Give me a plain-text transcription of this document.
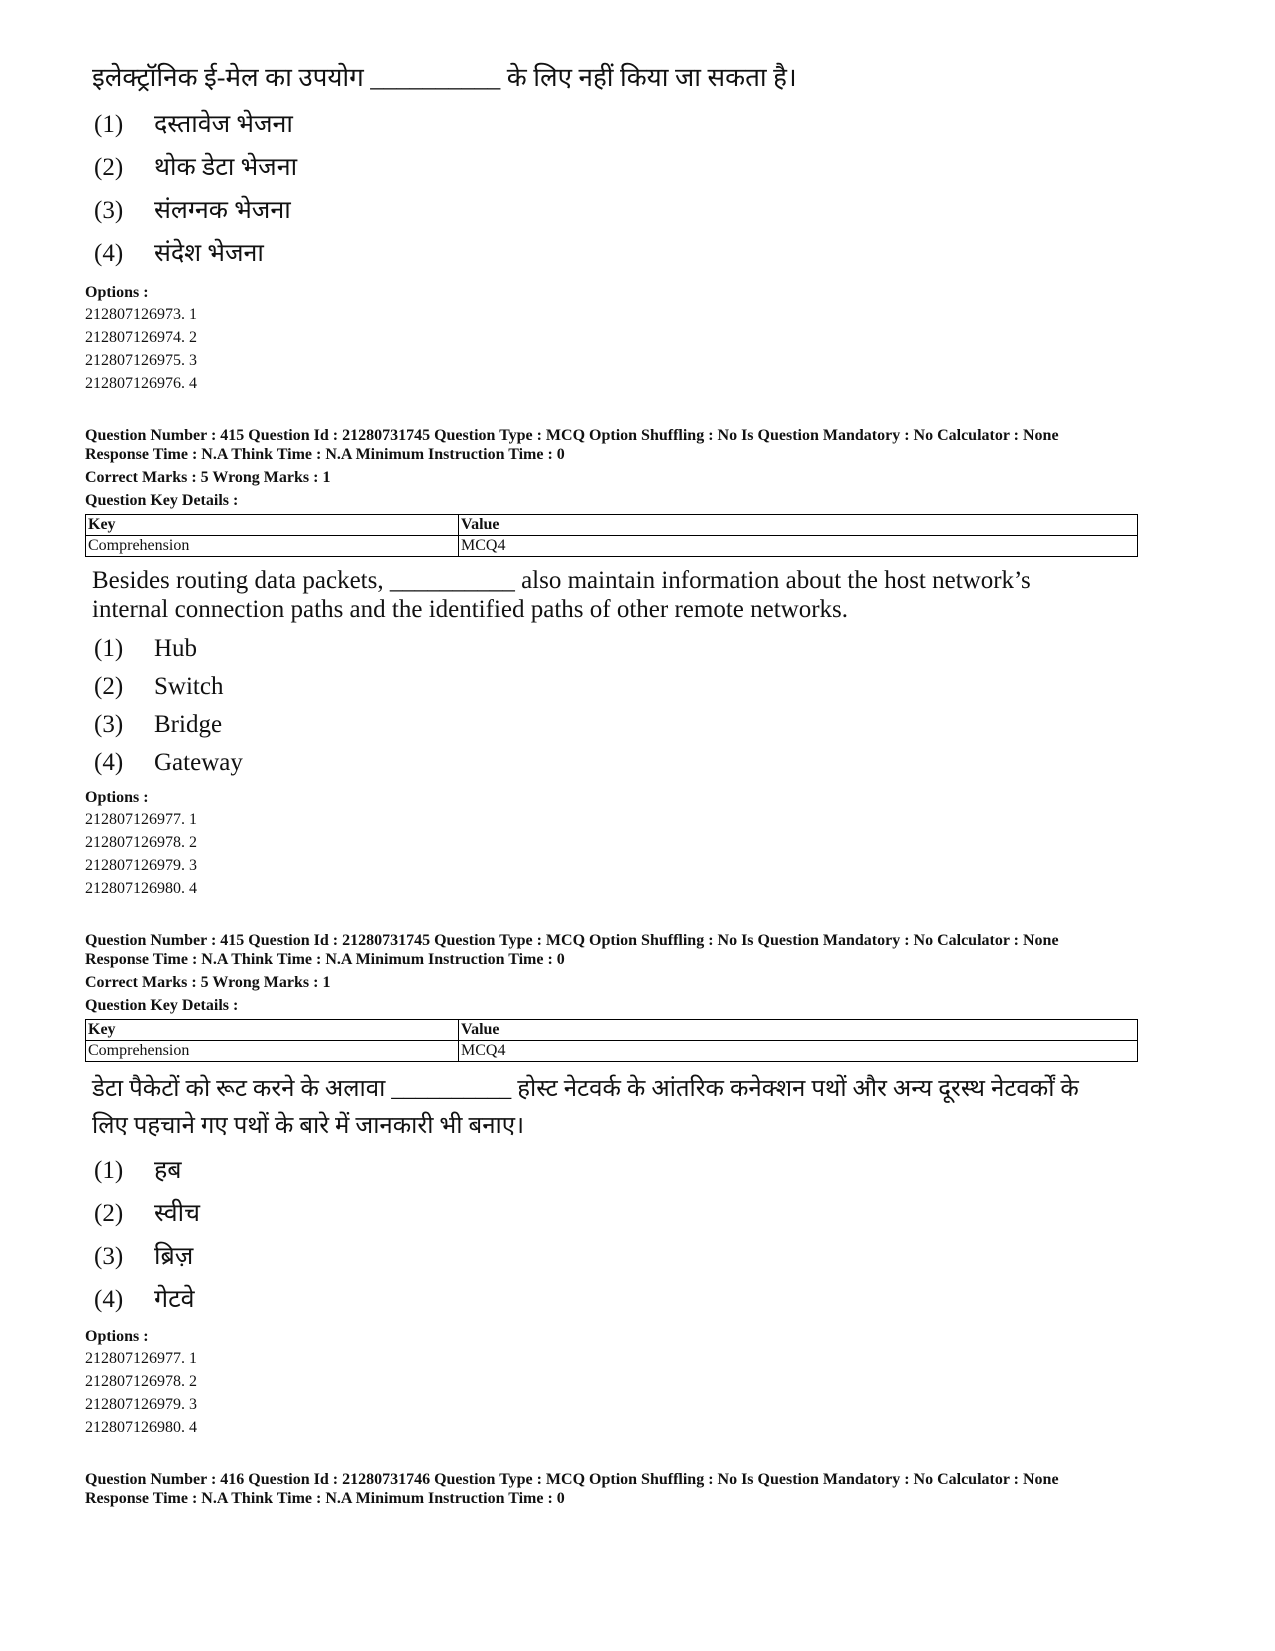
इलेक्ट्रॉनिक ई-मेल का उपयोग __________ के लिए नहीं किया जा सकता है।
(1) दस्तावेज भेजना
(2) थोक डेटा भेजना
(3) संलग्नक भेजना
(4) संदेश भेजना
Options :
212807126973. 1
212807126974. 2
212807126975. 3
212807126976. 4
Question Number : 415 Question Id : 21280731745 Question Type : MCQ Option Shuffling : No Is Question Mandatory : No Calculator : None
Response Time : N.A Think Time : N.A Minimum Instruction Time : 0
Correct Marks : 5 Wrong Marks : 1
Question Key Details :
Key	Value
Comprehension	MCQ4
Besides routing data packets, __________ also maintain information about the host network’s
internal connection paths and the identified paths of other remote networks.
(1) Hub
(2) Switch
(3) Bridge
(4) Gateway
Options :
212807126977. 1
212807126978. 2
212807126979. 3
212807126980. 4
Question Number : 415 Question Id : 21280731745 Question Type : MCQ Option Shuffling : No Is Question Mandatory : No Calculator : None
Response Time : N.A Think Time : N.A Minimum Instruction Time : 0
Correct Marks : 5 Wrong Marks : 1
Question Key Details :
Key	Value
Comprehension	MCQ4
डेटा पैकेटों को रूट करने के अलावा __________ होस्ट नेटवर्क के आंतरिक कनेक्शन पथों और अन्य दूरस्थ नेटवर्कों के
लिए पहचाने गए पथों के बारे में जानकारी भी बनाए।
(1) हब
(2) स्वीच
(3) ब्रिज़
(4) गेटवे
Options :
212807126977. 1
212807126978. 2
212807126979. 3
212807126980. 4
Question Number : 416 Question Id : 21280731746 Question Type : MCQ Option Shuffling : No Is Question Mandatory : No Calculator : None
Response Time : N.A Think Time : N.A Minimum Instruction Time : 0
